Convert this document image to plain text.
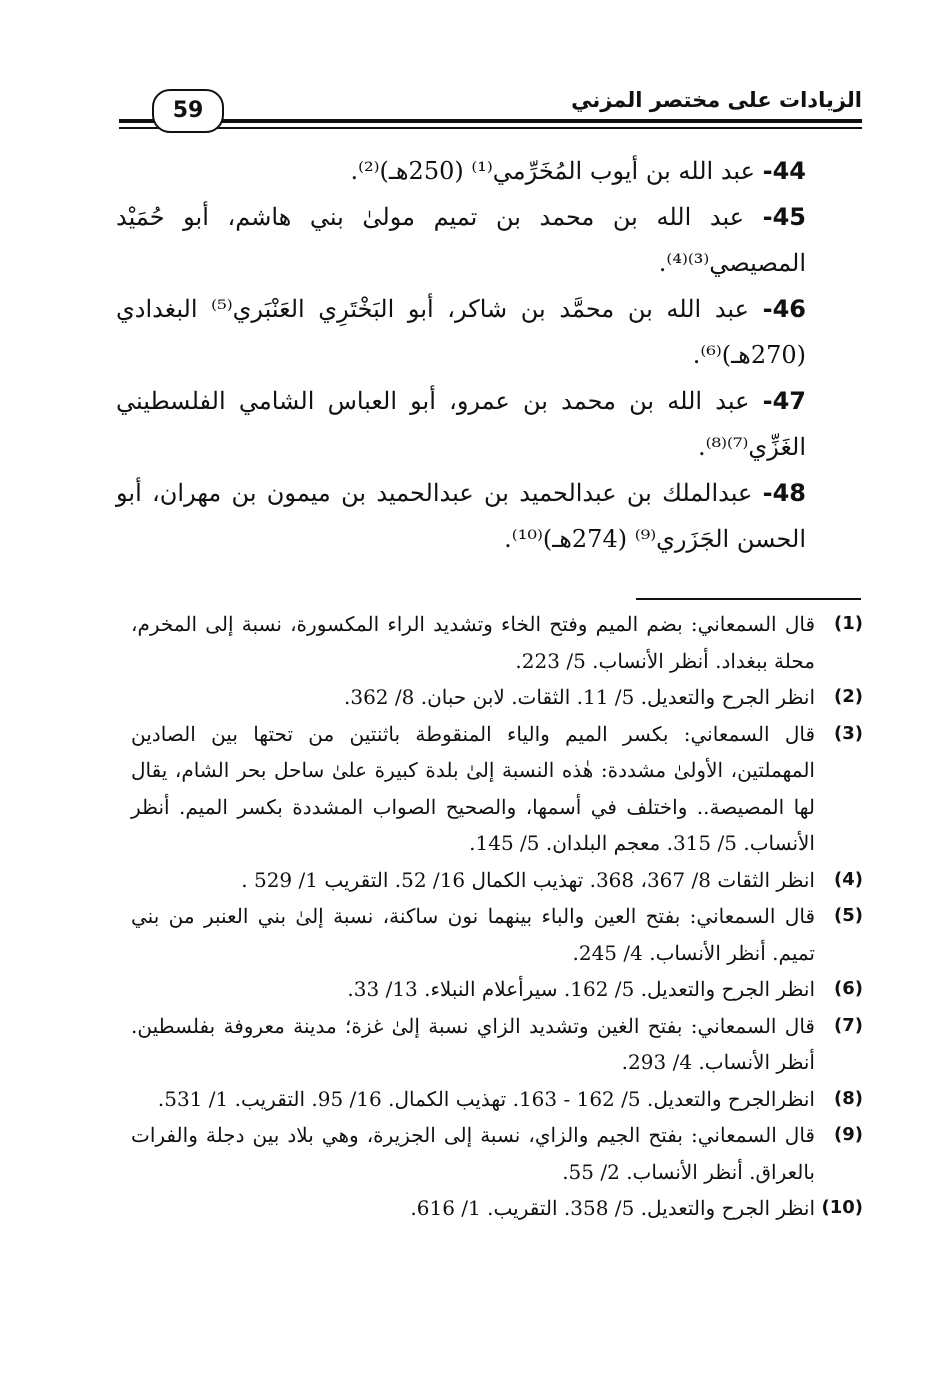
الزيادات على مختصر المزني
59
44- عبد الله بن أيوب المُخَرِّمي⁽¹⁾ (250هـ)⁽²⁾.
45- عبد الله بن محمد بن تميم مولىٰ بني هاشم، أبو حُمَيْد المصيصي⁽³⁾⁽⁴⁾.
46- عبد الله بن محمَّد بن شاكر، أبو البَخْتَرِي العَنْبَري⁽⁵⁾ البغدادي (270هـ)⁽⁶⁾.
47- عبد الله بن محمد بن عمرو، أبو العباس الشامي الفلسطيني الغَزِّي⁽⁷⁾⁽⁸⁾.
48- عبدالملك بن عبدالحميد بن عبدالحميد بن ميمون بن مهران، أبو الحسن الجَزَري⁽⁹⁾ (274هـ)⁽¹⁰⁾.
(1)
قال السمعاني: بضم الميم وفتح الخاء وتشديد الراء المكسورة، نسبة إلى المخرم، محلة ببغداد. أنظر الأنساب. 5/ 223.
(2)
انظر الجرح والتعديل. 5/ 11. الثقات. لابن حبان. 8/ 362.
(3)
قال السمعاني: بكسر الميم والياء المنقوطة باثنتين من تحتها بين الصادين المهملتين، الأولىٰ مشددة: هٰذه النسبة إلىٰ بلدة كبيرة علىٰ ساحل بحر الشام، يقال لها المصيصة.. واختلف في أسمها، والصحيح الصواب المشددة بكسر الميم. أنظر الأنساب. 5/ 315. معجم البلدان. 5/ 145.
(4)
انظر الثقات 8/ 367، 368. تهذيب الكمال 16/ 52. التقريب 1/ 529 .
(5)
قال السمعاني: بفتح العين والباء بينهما نون ساكنة، نسبة إلىٰ بني العنبر من بني تميم. أنظر الأنساب. 4/ 245.
(6)
انظر الجرح والتعديل. 5/ 162. سيرأعلام النبلاء. 13/ 33.
(7)
قال السمعاني: بفتح الغين وتشديد الزاي نسبة إلىٰ غزة؛ مدينة معروفة بفلسطين. أنظر الأنساب. 4/ 293.
(8)
انظرالجرح والتعديل. 5/ 162 - 163. تهذيب الكمال. 16/ 95. التقريب. 1/ 531.
(9)
قال السمعاني: بفتح الجيم والزاي، نسبة إلى الجزيرة، وهي بلاد بين دجلة والفرات بالعراق. أنظر الأنساب. 2/ 55.
(10)
انظر الجرح والتعديل. 5/ 358. التقريب. 1/ 616.
